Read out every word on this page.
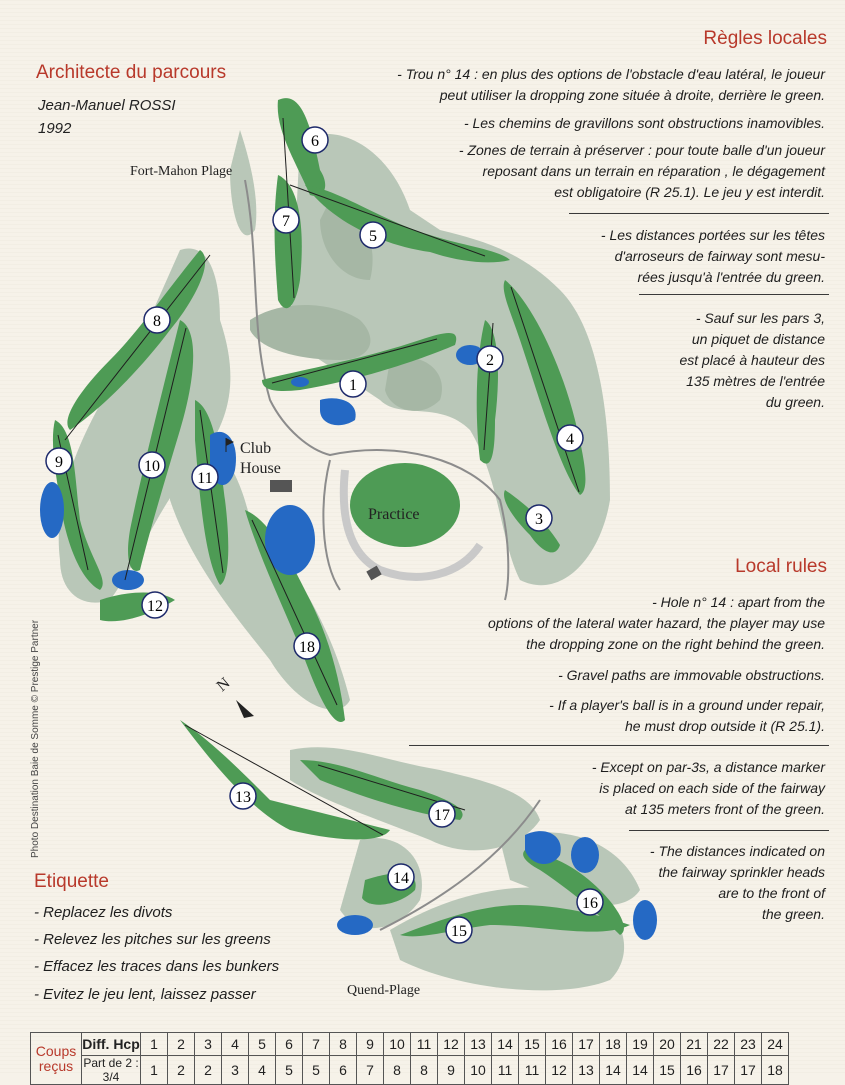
1
2
3
4
5
6
7
8
9	10
11
12
13
14
15
16
17
18
N
Fort-Mahon Plage
Quend-Plage
Club
House
Practice
Architecte du parcours
Jean-Manuel ROSSI
1992
Règles locales
- Trou n° 14 : en plus des options de l'obstacle d'eau latéral, le joueur
peut utiliser la dropping zone située à droite, derrière le green.
- Les chemins de gravillons sont obstructions inamovibles.
- Zones de terrain à préserver : pour toute balle d'un joueur
reposant dans un terrain en réparation , le dégagement
est obligatoire (R 25.1). Le jeu y est interdit.
- Les distances portées sur les têtes
d'arroseurs de fairway sont mesu-
rées jusqu'à l'entrée du green.
- Sauf sur les pars 3,
un piquet de distance
est placé à hauteur des
135 mètres de l'entrée
du green.
Local rules
- Hole n° 14 : apart from the
options of the lateral water hazard, the player may use
the dropping zone on the right behind the green.
- Gravel paths are immovable obstructions.
- If a player's ball is in a ground under repair,
he must drop outside it (R 25.1).
- Except on par-3s, a distance marker
is placed on each side of the fairway
at 135 meters front of the green.
- The distances indicated on
the fairway sprinkler heads
are to the front of
the green.
Etiquette
- Replacez les divots
- Relevez les pitches sur les greens
- Effacez les traces dans les bunkers
- Evitez le jeu lent, laissez passer
Photo Destination Baie de Somme © Prestige Partner
Coups reçus	Diff. Hcp	1	2	3	4	5	6	7	8	9	10	11	12	13	14	15	16	17	18	19	20	21	22	23	24
	Part de 2 : 3/4	1	2	2	3	4	5	5	6	7	8	8	9	10	11	11	12	13	14	14	15	16	17	17	18
